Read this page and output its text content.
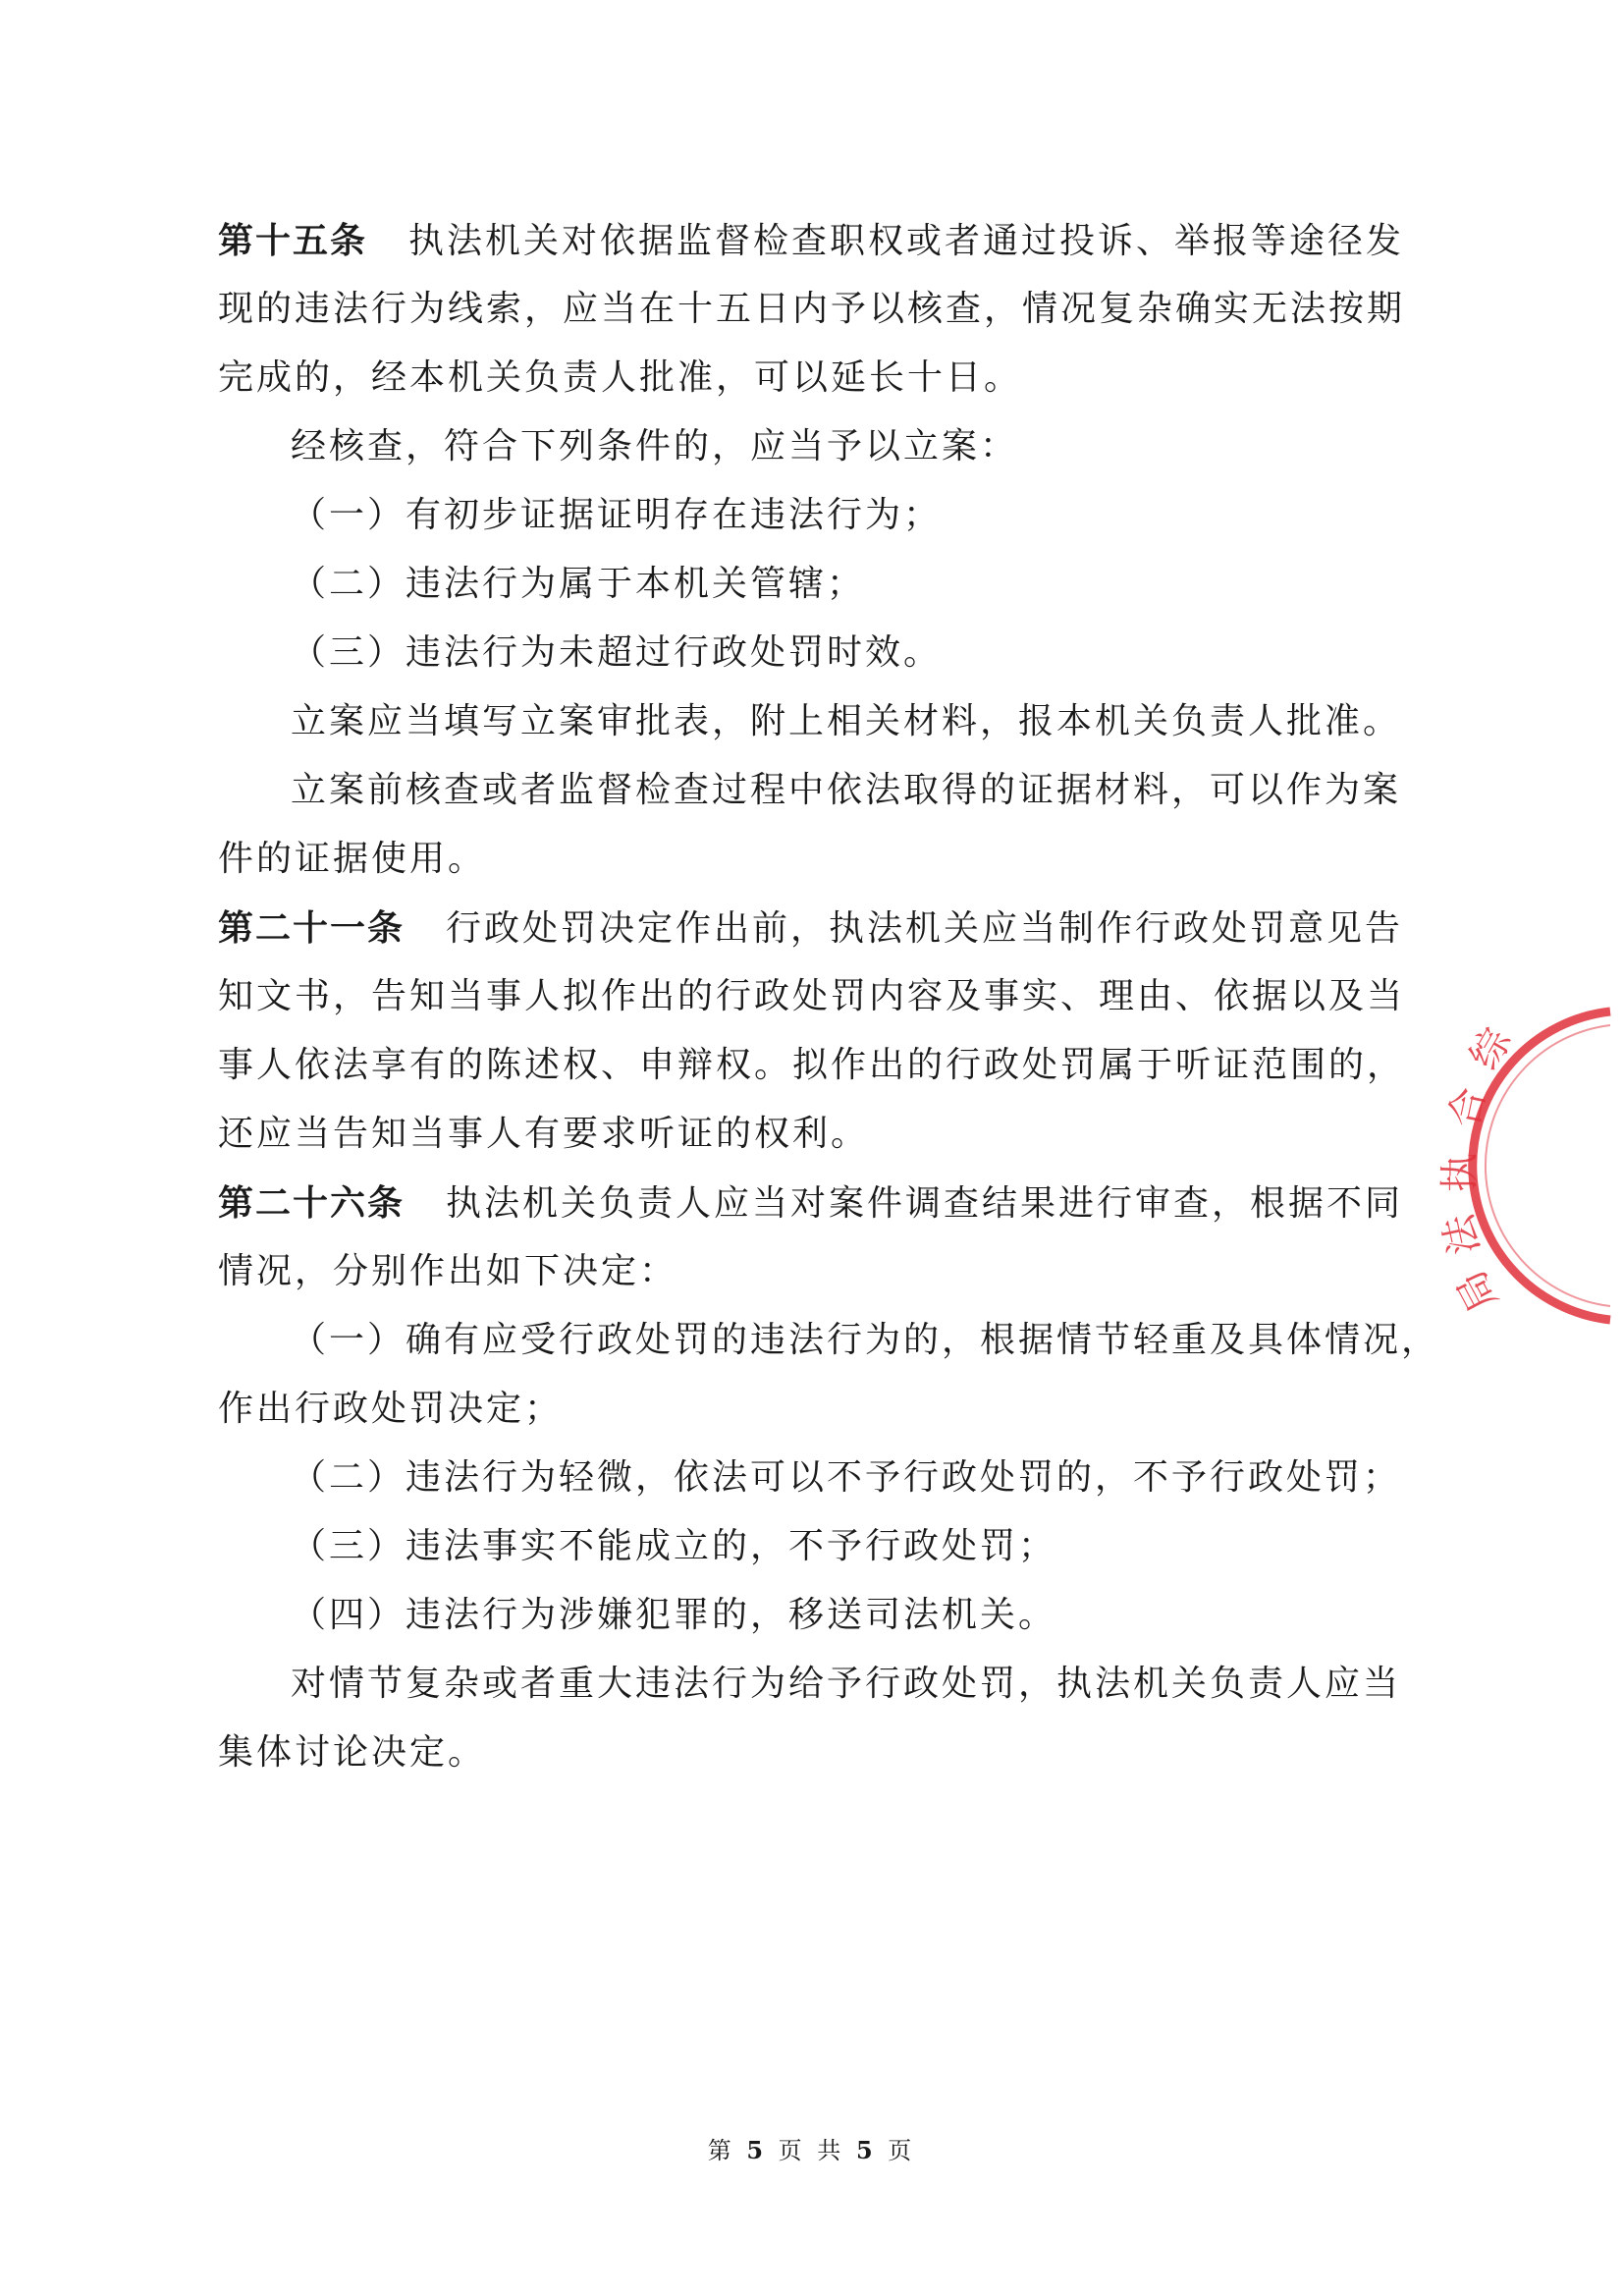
第十五条 执法机关对依据监督检查职权或者通过投诉、举报等途径发
现的违法行为线索，应当在十五日内予以核查，情况复杂确实无法按期
完成的，经本机关负责人批准，可以延长十日。
经核查，符合下列条件的，应当予以立案：
（一）有初步证据证明存在违法行为；
（二）违法行为属于本机关管辖；
（三）违法行为未超过行政处罚时效。
立案应当填写立案审批表，附上相关材料，报本机关负责人批准。
立案前核查或者监督检查过程中依法取得的证据材料，可以作为案
件的证据使用。
第二十一条 行政处罚决定作出前，执法机关应当制作行政处罚意见告
知文书，告知当事人拟作出的行政处罚内容及事实、理由、依据以及当
事人依法享有的陈述权、申辩权。拟作出的行政处罚属于听证范围的，
还应当告知当事人有要求听证的权利。
第二十六条 执法机关负责人应当对案件调查结果进行审查，根据不同
情况，分别作出如下决定：
（一）确有应受行政处罚的违法行为的，根据情节轻重及具体情况，
作出行政处罚决定；
（二）违法行为轻微，依法可以不予行政处罚的，不予行政处罚；
（三）违法事实不能成立的，不予行政处罚；
（四）违法行为涉嫌犯罪的，移送司法机关。
对情节复杂或者重大违法行为给予行政处罚，执法机关负责人应当
集体讨论决定。
第 5 页 共 5 页
综
合
执
法
局
